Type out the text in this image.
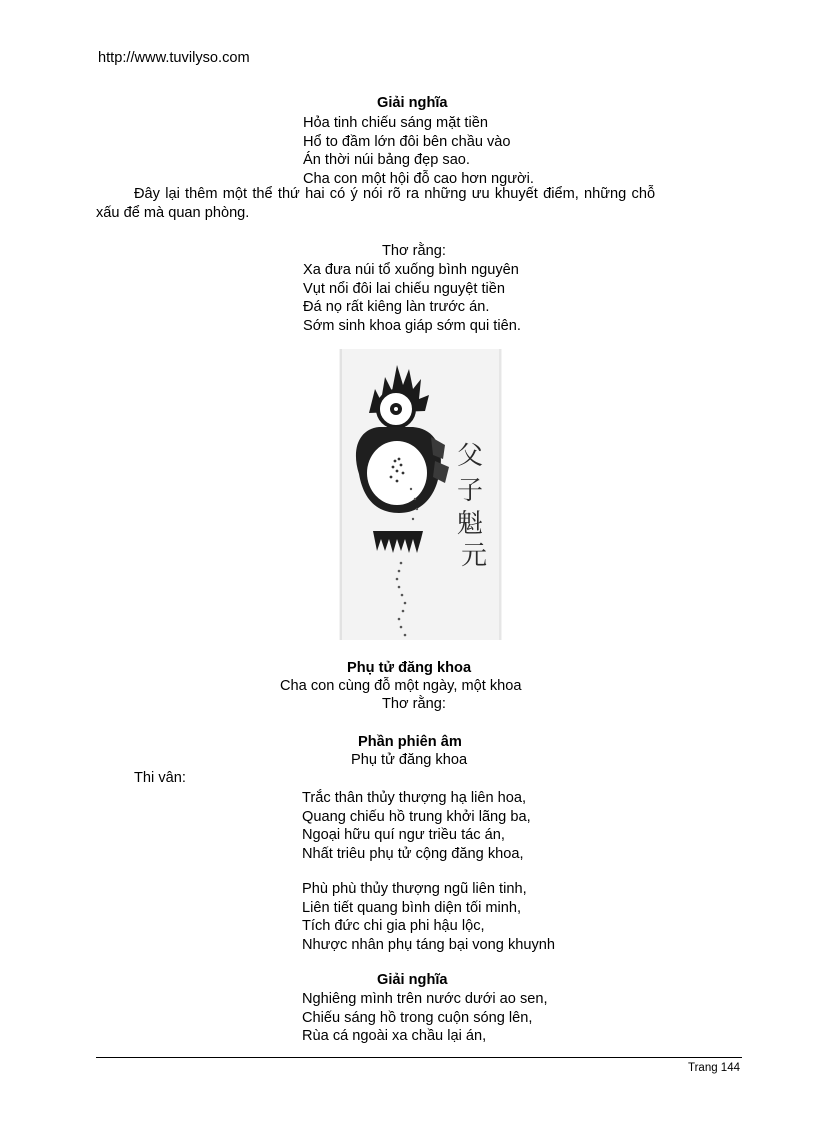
http://www.tuvilyso.com
Giải nghĩa
Hỏa tinh chiếu sáng mặt tiền
Hổ to đầm lớn đôi bên chầu vào
Án thời núi bảng đẹp sao.
Cha con một hội đỗ cao hơn người.
Đây lại thêm một thể thứ hai có ý nói rõ ra những ưu khuyết điểm, những chỗ
xấu để mà quan phòng.
Thơ rằng:
Xa đưa núi tổ xuống bình nguyên
Vụt nổi đôi lai chiếu nguyệt tiền
Đá nọ rất kiêng làn trước án.
Sớm sinh khoa giáp sớm qui tiên.
父
子
魁
元
Phụ tử đăng khoa
Cha con cùng đỗ một ngày, một khoa
Thơ rằng:
Phần phiên âm
Phụ tử đăng khoa
Thi vân:
Trắc thân thủy thượng hạ liên hoa,
Quang chiếu hồ trung khởi lãng ba,
Ngoại hữu quí ngư triều tác án,
Nhất triêu phụ tử cộng đăng khoa,
Phù phù thủy thượng ngũ liên tinh,
Liên tiết quang bình diện tối minh,
Tích đức chi gia phi hậu lộc,
Nhược nhân phụ táng bại vong khuynh
Giải nghĩa
Nghiêng mình trên nước dưới ao sen,
Chiếu sáng hồ trong cuộn sóng lên,
Rùa cá ngoài xa chầu lại án,
Trang 144
